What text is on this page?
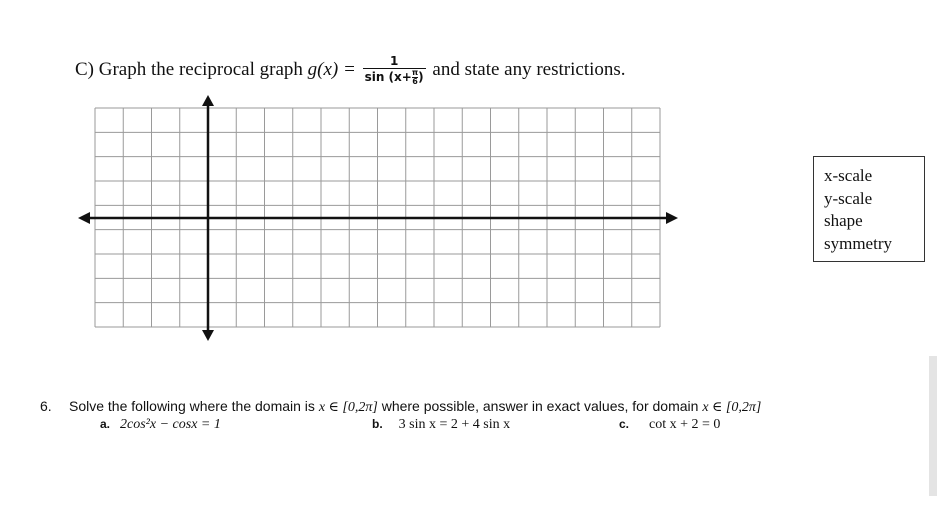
C) Graph the reciprocal graph $g(x) = \frac{1}{\sin (x+ \frac{\pi}{6} )}$ and state any restrictions.
x-scale
y-scale
shape
symmetry
6. Solve the following where the domain is x ∈ [0,2π] where possible, answer in exact values, for domain x ∈ [0,2π]
a. 2cos²x − cosx = 1	b. 3 sin x = 2 + 4 sin x	c. cot x + 2 = 0
